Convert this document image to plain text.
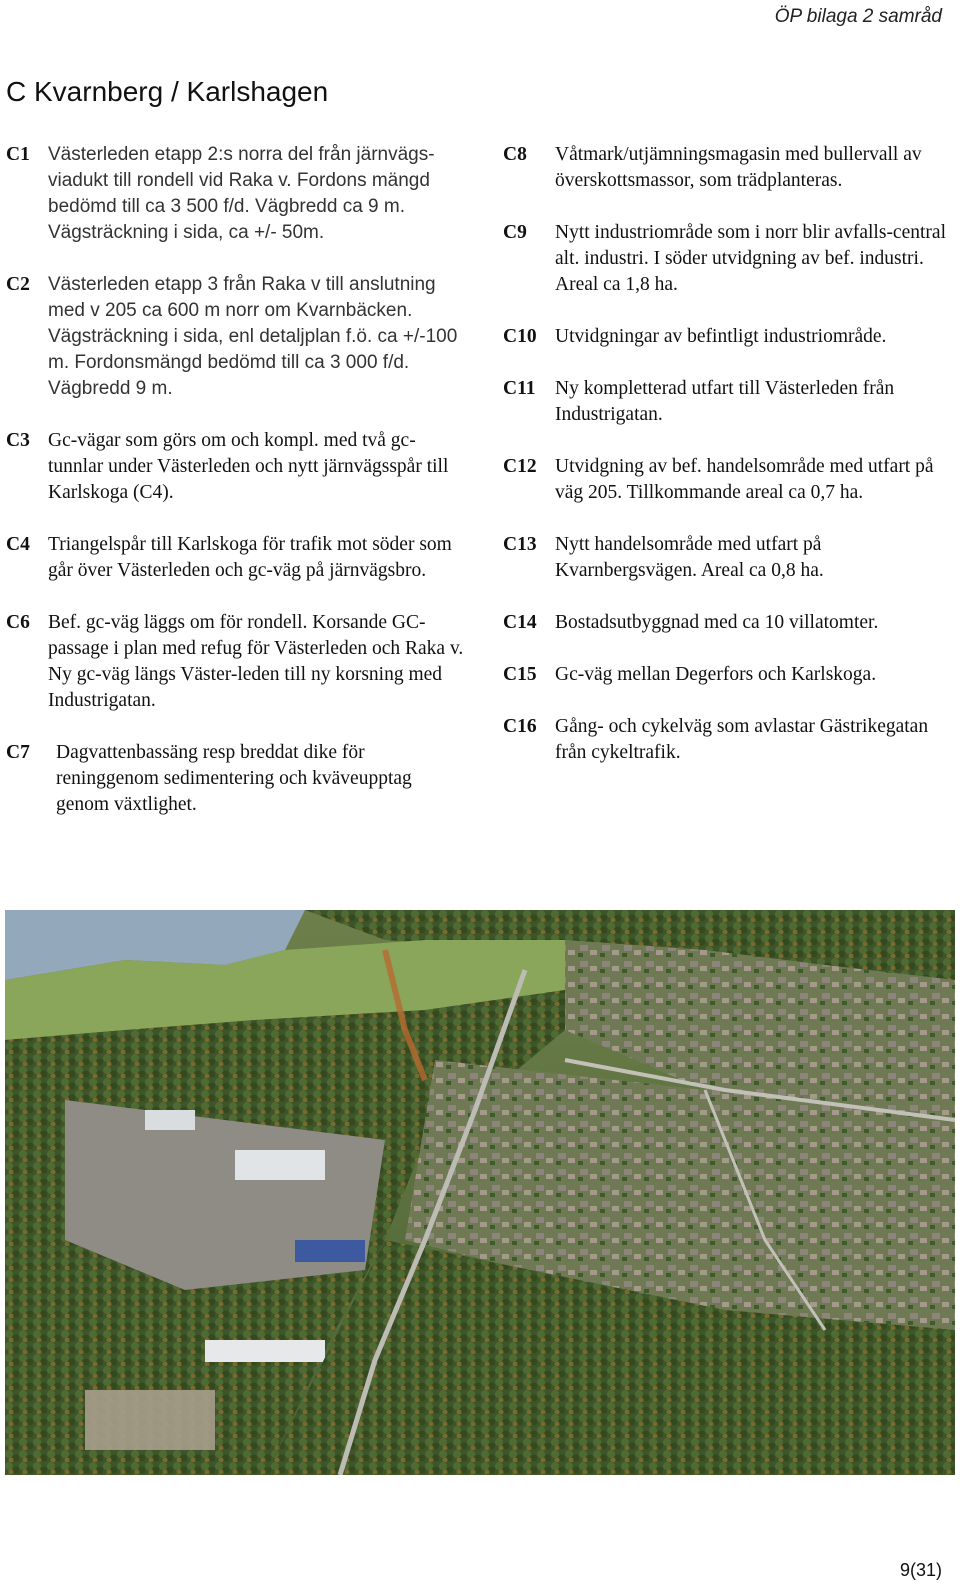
ÖP bilaga 2 samråd
C Kvarnberg / Karlshagen
C1 Västerleden etapp 2:s norra del från järnvägs-viadukt till rondell vid Raka v. Fordons mängd bedömd till ca 3 500 f/d. Vägbredd ca 9 m. Vägsträckning i sida, ca +/- 50m.
C2 Västerleden etapp 3 från Raka v till anslutning med v 205 ca 600 m norr om Kvarnbäcken. Vägsträckning i sida, enl detaljplan f.ö. ca +/-100 m. Fordonsmängd bedömd till ca 3 000 f/d. Vägbredd 9 m.
C3 Gc-vägar som görs om och kompl. med två gc-tunnlar under Västerleden och nytt järnvägsspår till Karlskoga (C4).
C4 Triangelspår till Karlskoga för trafik mot söder som går över Västerleden och gc-väg på järnvägsbro.
C6 Bef. gc-väg läggs om för rondell. Korsande GC-passage i plan med refug för Västerleden och Raka v. Ny gc-väg längs Väster-leden till ny korsning med Industrigatan.
C7	Dagvattenbassäng resp breddat dike för reninggenom sedimentering och kväveupptag genom växtlighet.
C8	Våtmark/utjämningsmagasin med bullervall av överskottsmassor, som trädplanteras.
C9	Nytt industriområde som i norr blir avfalls-central alt. industri. I söder utvidgning av bef. industri. Areal ca 1,8 ha.
C10 Utvidgningar av befintligt industriområde.
C11 Ny kompletterad utfart till Västerleden från Industrigatan.
C12 Utvidgning av bef. handelsområde med utfart på väg 205. Tillkommande areal ca 0,7 ha.
C13 Nytt handelsområde med utfart på Kvarnbergsvägen. Areal ca 0,8 ha.
C14 Bostadsutbyggnad med ca 10 villatomter.
C15 Gc-väg mellan Degerfors och Karlskoga.
C16 Gång- och cykelväg som avlastar Gästrikegatan från cykeltrafik.
9(31)
